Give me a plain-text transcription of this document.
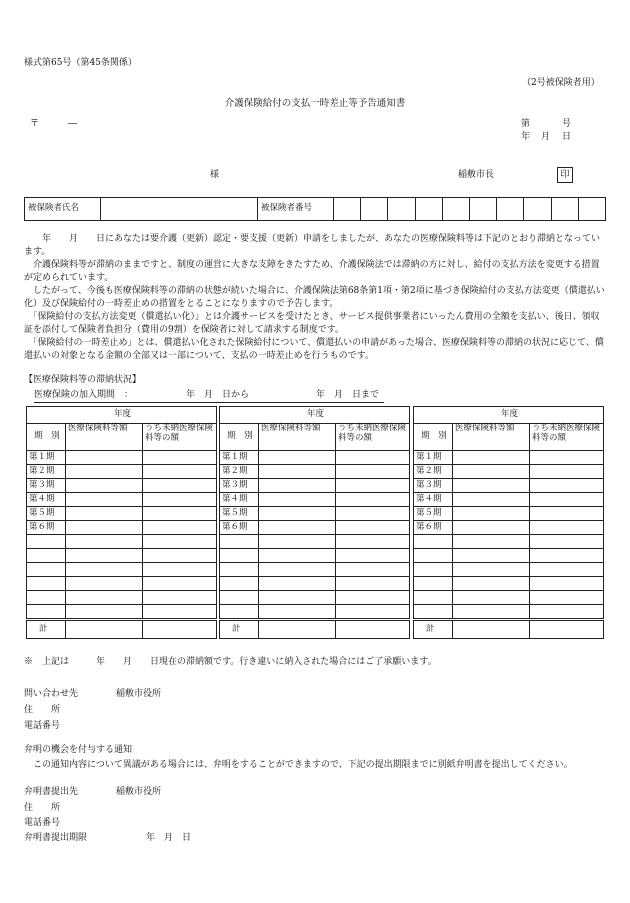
様式第65号（第45条関係）
（2号被保険者用）
介護保険給付の支払一時差止等予告通知書
〒	―	第	号
年 月 日
様	稲敷市長	印
被保険者氏名		被保険者番号										
　　年　　月　　日にあなたは要介護（更新）認定・要支援（更新）申請をしましたが、あなたの医療保険料等は下記のとおり滞納となっています。
　介護保険料等が滞納のままですと、制度の運営に大きな支障をきたすため、介護保険法では滞納の方に対し、給付の支払方法を変更する措置が定められています。
　したがって、今後も医療保険料等の滞納の状態が続いた場合に、介護保険法第68条第1項・第2項に基づき保険給付の支払方法変更（償還払い化）及び保険給付の一時差止めの措置をとることになりますので予告します。
　「保険給付の支払方法変更（償還払い化）」とは介護サービスを受けたとき、サービス提供事業者にいったん費用の全額を支払い、後日、領収証を添付して保険者負担分（費用の9割）を保険者に対して請求する制度です。
　「保険給付の一時差止め」とは、償還払い化された保険給付について、償還払いの申請があった場合、医療保険料等の滞納の状況に応じて、償還払いの対象となる金額の全部又は一部について、支払の一時差止めを行うものです。
【医療保険料等の滞納状況】
医療保険の加入期間　：	年　月　日から	年　月　日まで
年度		
期　別	医療保険料等額	うち未納医療保険料等の額
第１期		
第２期		
第３期		
第４期		
第５期		
第６期		

計		
年度		
期　別	医療保険料等額	うち未納医療保険料等の額
第１期		
第２期		
第３期		
第４期		
第５期		
第６期		

計		
年度		
期　別	医療保険料等額	うち未納医療保険料等の額
第１期		
第２期		
第３期		
第４期		
第５期		
第６期		

計		
※　上記は　　　年　　月　　日現在の滞納額です。行き違いに納入された場合にはご了承願います。
問い合わせ先	稲敷市役所
住　　所
電話番号
弁明の機会を付与する通知
　この通知内容について異議がある場合には、弁明をすることができますので、下記の提出期限までに別紙弁明書を提出してください。
弁明書提出先	稲敷市役所
住　　所
電話番号
弁明書提出期限	年　月　日
